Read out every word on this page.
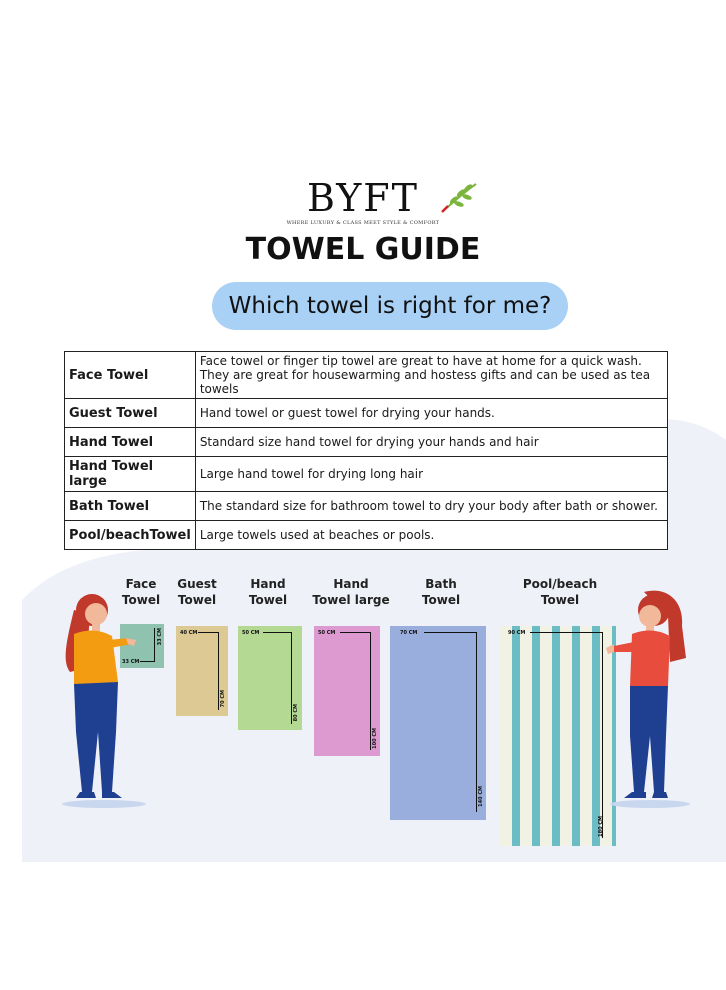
BYFT
WHERE LUXURY & CLASS MEET STYLE & COMFORT
TOWEL GUIDE
Which towel is right for me?
Face Towel	Face towel or finger tip towel are great to have at home for a quick wash.
They are great for housewarming and hostess gifts and can be used as tea towels

Guest Towel	Hand towel or guest towel for drying your hands.
Hand Towel	Standard size hand towel for drying your hands and hair
Hand Towel large	Large hand towel for drying long hair
Bath Towel	The standard size for bathroom towel to dry your body after bath or shower.
Pool/beachTowel	Large towels used at beaches or pools.
Face
Towel
Guest
Towel
Hand
Towel
Hand
Towel large
Bath
Towel
Pool/beach
Towel
33 CM
33 CM
40 CM
70 CM
50 CM
80 CM
50 CM
100 CM
70 CM
140 CM
90 CM
180 CM
